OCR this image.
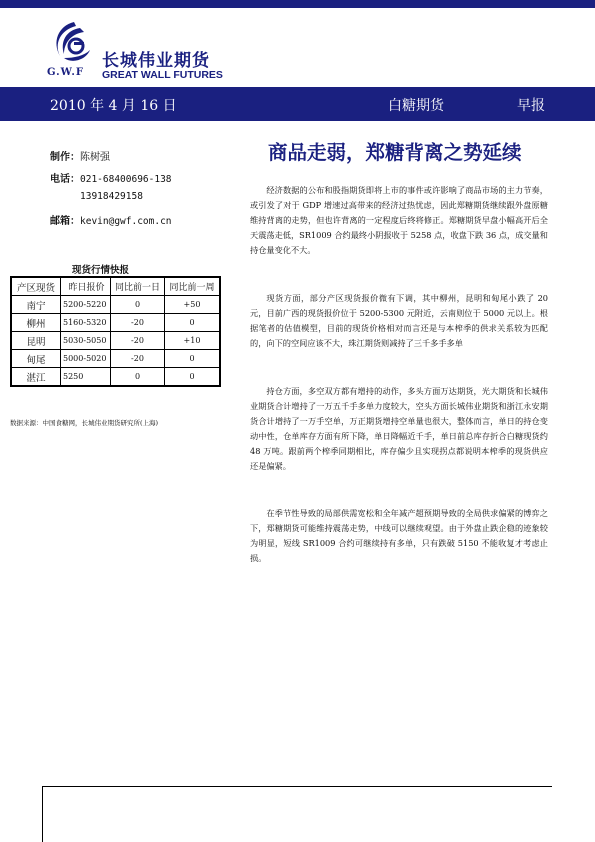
长城伟业期货
G.W.F GREAT WALL FUTURES
2010 年 4 月 16 日	白糖期货	早报
制作：陈树强
电话：021-68400696-138
13918429158
邮箱：kevin@gwf.com.cn
商品走弱，郑糖背离之势延续
现货行情快报
产区现货	昨日报价	同比前一日	同比前一周
南宁	5200-5220	0	+50
柳州	5160-5320	-20	0
昆明	5030-5050	-20	+10
甸尾	5000-5020	-20	0
湛江	5250	0	0
数据来源：中国食糖网，长城伟业期货研究所(上海)

经济数据的公布和股指期货即将上市的事件或许影响了商品市场的主力节奏，或引发了对于 GDP 增速过高带来的经济过热忧虑，因此郑糖期货继续跟外盘原糖维持背离的走势，但也许背离的一定程度后终将修正。郑糖期货早盘小幅高开后全天震荡走低，SR1009 合约最终小阴报收于 5258 点，收盘下跌 36 点，成交量和持仓量变化不大。

现货方面，部分产区现货报价微有下调，其中柳州，昆明和甸尾小跌了 20 元，目前广西的现货报价位于 5200-5300 元附近，云南则位于 5000 元以上。根据笔者的估值模型，目前的现货价格相对而言还是与本榨季的供求关系较为匹配的，向下的空间应该不大，珠江期货则减持了三千多手多单

持仓方面，多空双方都有增持的动作，多头方面万达期货，光大期货和长城伟业期货合计增持了一万五千手多单力度较大，空头方面长城伟业期货和浙江永安期货合计增持了一万手空单，万正期货增持空单量也很大，整体而言，单日的持仓变动中性，仓单库存方面有所下降，单日降幅近千手，单日前总库存折合白糖现货约 48 万吨。跟前两个榨季同期相比，库存偏少且实现拐点都说明本榨季的现货供应还是偏紧。

在季节性导致的局部供需宽松和全年减产超预期导致的全局供求偏紧的博弈之下，郑糖期货可能维持震荡走势，中线可以继续观望。由于外盘止跌企稳的迹象较为明显，短线 SR1009 合约可继续持有多单，只有跌破 5150 不能收复才考虑止损。
